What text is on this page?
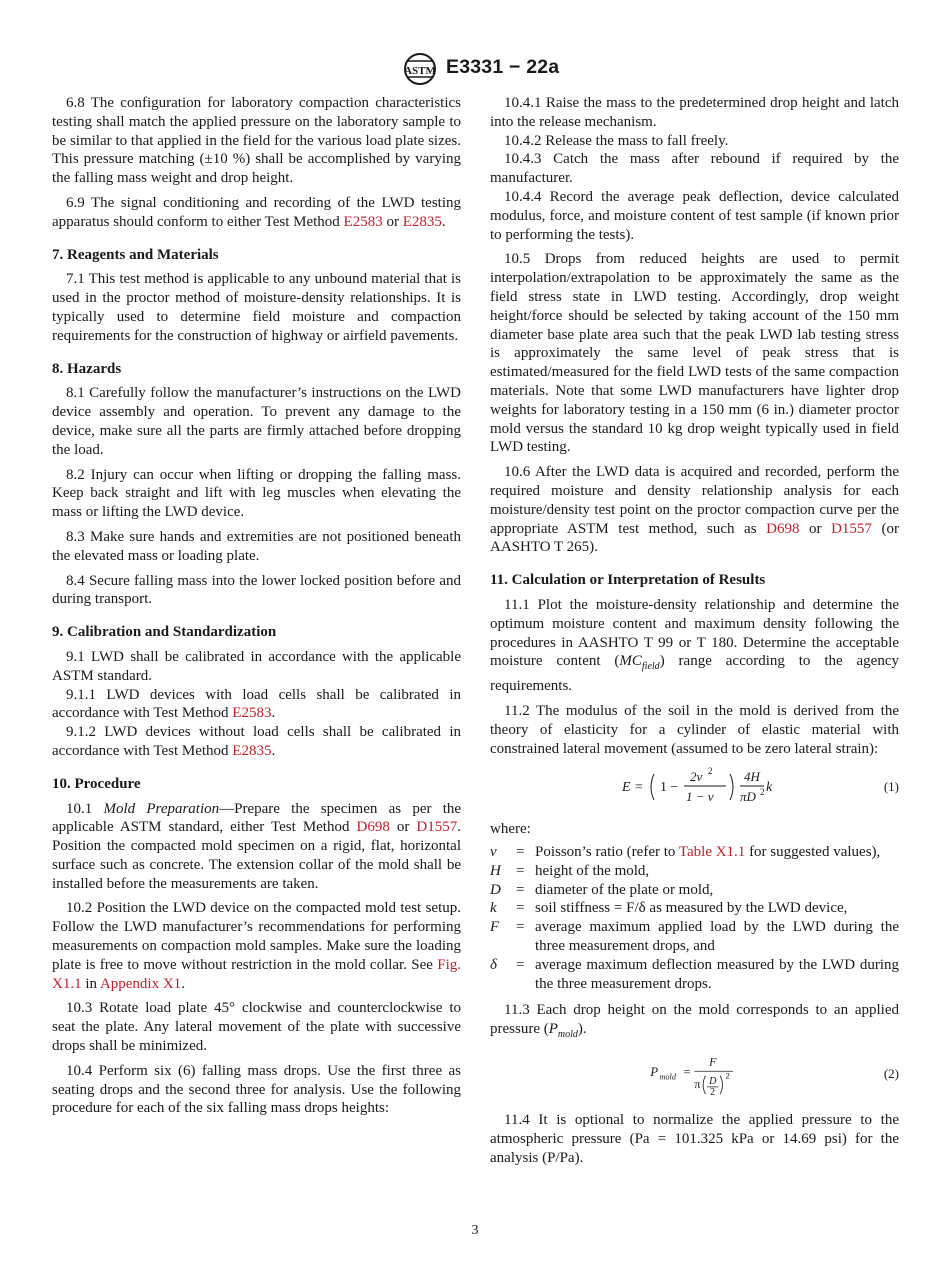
ASTM E3331 − 22a

6.8 The configuration for laboratory compaction characteristics testing shall match the applied pressure on the laboratory sample to be similar to that applied in the field for the various load plate sizes. This pressure matching (±10 %) shall be accomplished by varying the falling mass weight and drop height.

6.9 The signal conditioning and recording of the LWD testing apparatus should conform to either Test Method E2583 or E2835.

7. Reagents and Materials

7.1 This test method is applicable to any unbound material that is used in the proctor method of moisture-density relationships. It is typically used to determine field moisture and compaction requirements for the construction of highway or airfield pavements.

8. Hazards

8.1 Carefully follow the manufacturer’s instructions on the LWD device assembly and operation. To prevent any damage to the device, make sure all the parts are firmly attached before dropping the load.

8.2 Injury can occur when lifting or dropping the falling mass. Keep back straight and lift with leg muscles when elevating the mass or lifting the LWD device.

8.3 Make sure hands and extremities are not positioned beneath the elevated mass or loading plate.

8.4 Secure falling mass into the lower locked position before and during transport.

9. Calibration and Standardization

9.1 LWD shall be calibrated in accordance with the applicable ASTM standard.

9.1.1 LWD devices with load cells shall be calibrated in accordance with Test Method E2583.

9.1.2 LWD devices without load cells shall be calibrated in accordance with Test Method E2835.

10. Procedure

10.1 Mold Preparation—Prepare the specimen as per the applicable ASTM standard, either Test Method D698 or D1557. Position the compacted mold specimen on a rigid, flat, horizontal surface such as concrete. The extension collar of the mold shall be installed before the measurements are taken.

10.2 Position the LWD device on the compacted mold test setup. Follow the LWD manufacturer’s recommendations for performing measurements on compaction mold samples. Make sure the loading plate is free to move without restriction in the mold collar. See Fig. X1.1 in Appendix X1.

10.3 Rotate load plate 45° clockwise and counterclockwise to seat the plate. Any lateral movement of the plate with successive drops shall be minimized.

10.4 Perform six (6) falling mass drops. Use the first three as seating drops and the second three for analysis. Use the following procedure for each of the six falling mass drops heights:

10.4.1 Raise the mass to the predetermined drop height and latch into the release mechanism.

10.4.2 Release the mass to fall freely.

10.4.3 Catch the mass after rebound if required by the manufacturer.

10.4.4 Record the average peak deflection, device calculated modulus, force, and moisture content of test sample (if known prior to performing the tests).

10.5 Drops from reduced heights are used to permit interpolation/extrapolation to be approximately the same as the field stress state in LWD testing. Accordingly, drop weight height/force should be selected by taking account of the 150 mm diameter base plate area such that the peak LWD lab testing stress is approximately the same level of peak stress that is estimated/measured for the field LWD tests of the same compaction materials. Note that some LWD manufacturers have lighter drop weights for laboratory testing in a 150 mm (6 in.) diameter proctor mold versus the standard 10 kg drop weight typically used in field LWD testing.

10.6 After the LWD data is acquired and recorded, perform the required moisture and density relationship analysis for each moisture/density test point on the proctor compaction curve per the appropriate ASTM test method, such as D698 or D1557 (or AASHTO T 265).

11. Calculation or Interpretation of Results

11.1 Plot the moisture-density relationship and determine the optimum moisture content and maximum density following the procedures in AASHTO T 99 or T 180. Determine the acceptable moisture content $(MC_{field})$ range according to the agency requirements.

11.2 The modulus of the soil in the mold is derived from the theory of elasticity for a cylinder of elastic material with constrained lateral movement (assumed to be zero lateral strain):

E = 1 −
2v 2
1 − v
4H
πD 2 k	(1)

where:

v	= Poisson’s ratio (refer to Table X1.1 for suggested values),
H	= height of the mold,
D	= diameter of the plate or mold,
k	= soil stiffness = F/δ as measured by the LWD device,
F	= average maximum applied load by the LWD during the three measurement drops, and
δ	= average maximum deflection measured by the LWD during the three measurement drops.

11.3 Each drop height on the mold corresponds to an applied pressure $(P_{mold})$.

P mold =
F
π D
2
2	(2)

11.4 It is optional to normalize the applied pressure to the atmospheric pressure (Pa = 101.325 kPa or 14.69 psi) for the analysis (P/Pa).

3
